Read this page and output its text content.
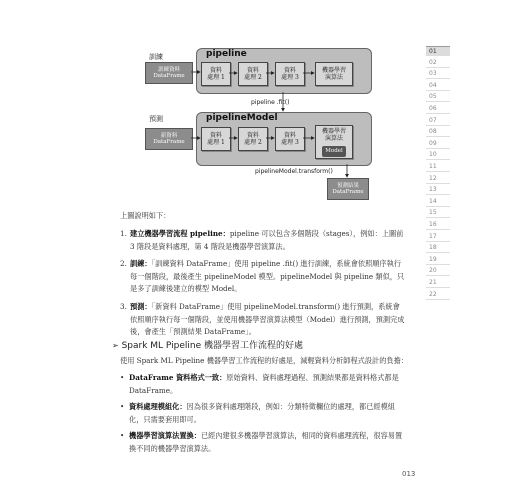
訓練
訓練資料
DataFrame
pipeline
資料
處理 1
資料
處理 2
資料
處理 3
機器學習
演算法
pipeline .fit()
預測
新資料
DataFrame
pipelineModel
資料
處理 1
資料
處理 2
資料
處理 3
機器學習
演算法
Model
pipelineModel.transform()
預測結果
DataFrame
上圖說明如下：
1. 建立機器學習流程 pipeline：pipeline 可以包含多個階段（stages），例如：上圖前 3 階段是資料處理，第 4 階段是機器學習演算法。
2. 訓練：「訓練資料 DataFrame」使用 pipeline .fit() 進行訓練，系統會依照順序執行每一個階段，最後產生 pipelineModel 模型。pipelineModel 與 pipeline 類似，只是多了訓練後建立的模型 Model。
3. 預測：「新資料 DataFrame」使用 pipelineModel.transform() 進行預測，系統會依照順序執行每一個階段，並使用機器學習演算法模型（Model）進行預測，預測完成後，會產生「預測結果 DataFrame」。
➢ Spark ML Pipeline 機器學習工作流程的好處
使用 Spark ML Pipeline 機器學習工作流程的好處是，減輕資料分析師程式設計的負擔：
• DataFrame 資料格式一致：原始資料、資料處理過程、預測結果都是資料格式都是 DataFrame。
• 資料處理模組化：因為很多資料處理階段，例如：分類特徵欄位的處理，都已經模組化，只需要套用即可。
• 機器學習演算法置換：已經內建很多機器學習演算法，相同的資料處理流程，很容易置換不同的機器學習演算法。
013
01
02
03
04
05
06
07
08
09
10
11
12
13
14
15
16
17
18
19
20
21
22
